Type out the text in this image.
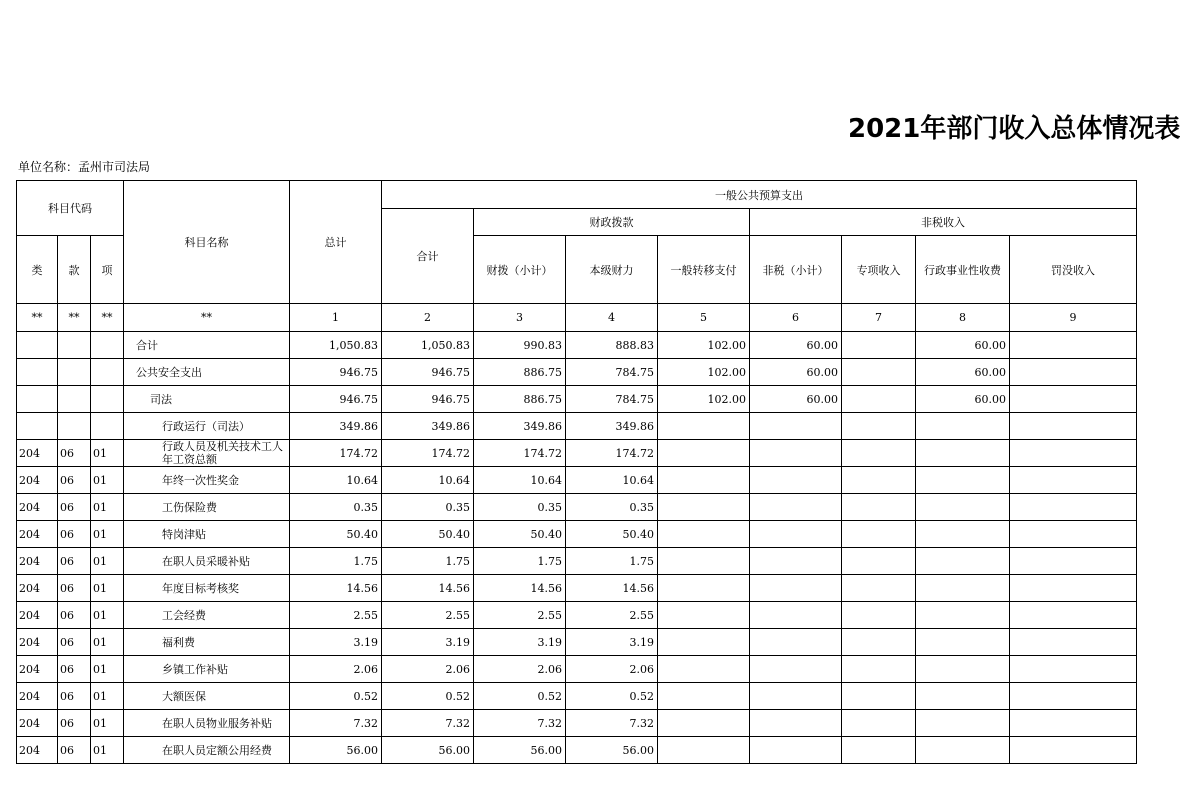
2021年部门收入总体情况表
单位名称：孟州市司法局
科目代码			科目名称	总计	一般公共预算支出							
					合计	财政拨款			非税收入			
类	款	项				财拨（小计）	本级财力	一般转移支付	非税（小计）	专项收入	行政事业性收费	罚没收入
**	**	**	**	1	2	3	4	5	6	7	8	9
			合计	1,050.83	1,050.83	990.83	888.83	102.00	60.00		60.00	
			公共安全支出	946.75	946.75	886.75	784.75	102.00	60.00		60.00	
			司法	946.75	946.75	886.75	784.75	102.00	60.00		60.00	
			行政运行（司法）	349.86	349.86	349.86	349.86					
204	06	01	行政人员及机关技术工人年工资总额	174.72	174.72	174.72	174.72					
204	06	01	年终一次性奖金	10.64	10.64	10.64	10.64					
204	06	01	工伤保险费	0.35	0.35	0.35	0.35					
204	06	01	特岗津贴	50.40	50.40	50.40	50.40					
204	06	01	在职人员采暖补贴	1.75	1.75	1.75	1.75					
204	06	01	年度目标考核奖	14.56	14.56	14.56	14.56					
204	06	01	工会经费	2.55	2.55	2.55	2.55					
204	06	01	福利费	3.19	3.19	3.19	3.19					
204	06	01	乡镇工作补贴	2.06	2.06	2.06	2.06					
204	06	01	大额医保	0.52	0.52	0.52	0.52					
204	06	01	在职人员物业服务补贴	7.32	7.32	7.32	7.32					
204	06	01	在职人员定额公用经费	56.00	56.00	56.00	56.00					
